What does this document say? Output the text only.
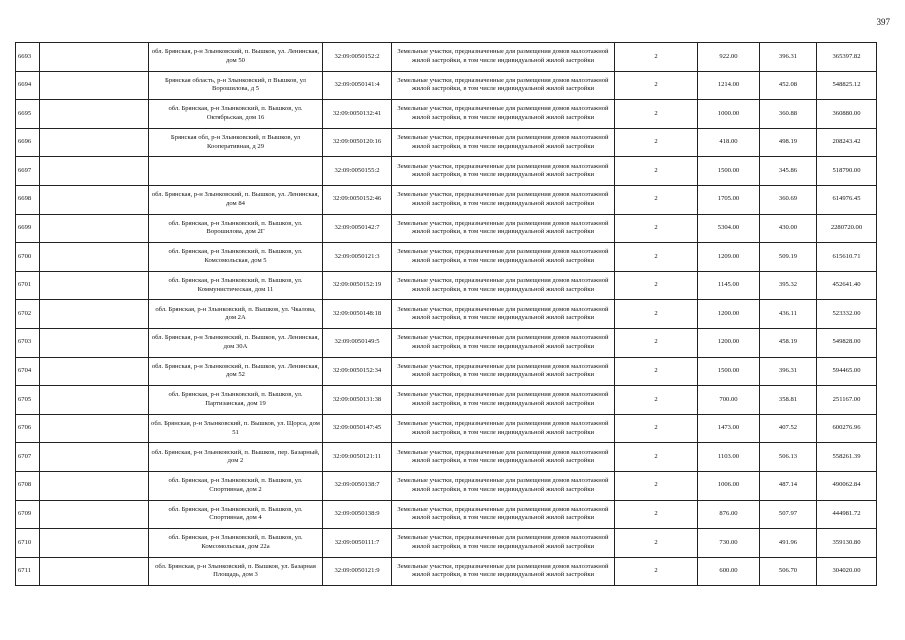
397
6693		обл. Брянская, р-н Злынковский, п. Вышков, ул. Ленинская, дом 50	32:09:0050152:2	Земельные участки, предназначенные для размещения домов малоэтажной жилой застройки, в том числе индивидуальной жилой застройки	2	922.00	396.31	365397.82
6694		Брянская область, р-н Злынковский, п Вышков, ул Ворошилова, д 5	32:09:0050141:4	Земельные участки, предназначенные для размещения домов малоэтажной жилой застройки, в том числе индивидуальной жилой застройки	2	1214.00	452.08	548825.12
6695		обл. Брянская, р-н Злынковский, п. Вышков, ул. Октябрьская, дом 16	32:09:0050132:41	Земельные участки, предназначенные для размещения домов малоэтажной жилой застройки, в том числе индивидуальной жилой застройки	2	1000.00	360.88	360880.00
6696		Брянская обл, р-н Злынковский, п Вышков, ул Кооперативная, д 29	32:09:0050120:16	Земельные участки, предназначенные для размещения домов малоэтажной жилой застройки, в том числе индивидуальной жилой застройки	2	418.00	498.19	208243.42
6697			32:09:0050155:2	Земельные участки, предназначенные для размещения домов малоэтажной жилой застройки, в том числе индивидуальной жилой застройки	2	1500.00	345.86	518790.00
6698		обл. Брянская, р-н Злынковский, п. Вышков, ул. Ленинская, дом 84	32:09:0050152:46	Земельные участки, предназначенные для размещения домов малоэтажной жилой застройки, в том числе индивидуальной жилой застройки	2	1705.00	360.69	614976.45
6699		обл. Брянская, р-н Злынковский, п. Вышков, ул. Ворошилова, дом 2Г	32:09:0050142:7	Земельные участки, предназначенные для размещения домов малоэтажной жилой застройки, в том числе индивидуальной жилой застройки	2	5304.00	430.00	2280720.00
6700		обл. Брянская, р-н Злынковский, п. Вышков, ул. Комсомольская, дом 5	32:09:0050121:3	Земельные участки, предназначенные для размещения домов малоэтажной жилой застройки, в том числе индивидуальной жилой застройки	2	1209.00	509.19	615610.71
6701		обл. Брянская, р-н Злынковский, п. Вышков, ул. Коммунистическая, дом 11	32:09:0050152:19	Земельные участки, предназначенные для размещения домов малоэтажной жилой застройки, в том числе индивидуальной жилой застройки	2	1145.00	395.32	452641.40
6702		обл. Брянская, р-н Злынковский, п. Вышков, ул. Чкалова, дом 2А	32:09:0050148:18	Земельные участки, предназначенные для размещения домов малоэтажной жилой застройки, в том числе индивидуальной жилой застройки	2	1200.00	436.11	523332.00
6703		обл. Брянская, р-н Злынковский, п. Вышков, ул. Ленинская, дом 30А	32:09:0050149:5	Земельные участки, предназначенные для размещения домов малоэтажной жилой застройки, в том числе индивидуальной жилой застройки	2	1200.00	458.19	549828.00
6704		обл. Брянская, р-н Злынковский, п. Вышков, ул. Ленинская, дом 52	32:09:0050152:34	Земельные участки, предназначенные для размещения домов малоэтажной жилой застройки, в том числе индивидуальной жилой застройки	2	1500.00	396.31	594465.00
6705		обл. Брянская, р-н Злынковский, п. Вышков, ул. Партизанская, дом 19	32:09:0050131:38	Земельные участки, предназначенные для размещения домов малоэтажной жилой застройки, в том числе индивидуальной жилой застройки	2	700.00	358.81	251167.00
6706		обл. Брянская, р-н Злынковский, п. Вышков, ул. Щорса, дом 51	32:09:0050147:45	Земельные участки, предназначенные для размещения домов малоэтажной жилой застройки, в том числе индивидуальной жилой застройки	2	1473.00	407.52	600276.96
6707		обл. Брянская, р-н Злынковский, п. Вышков, пер. Базарный, дом 2	32:09:0050121:11	Земельные участки, предназначенные для размещения домов малоэтажной жилой застройки, в том числе индивидуальной жилой застройки	2	1103.00	506.13	558261.39
6708		обл. Брянская, р-н Злынковский, п. Вышков, ул. Спортивная, дом 2	32:09:0050138:7	Земельные участки, предназначенные для размещения домов малоэтажной жилой застройки, в том числе индивидуальной жилой застройки	2	1006.00	487.14	490062.84
6709		обл. Брянская, р-н Злынковский, п. Вышков, ул. Спортивная, дом 4	32:09:0050138:9	Земельные участки, предназначенные для размещения домов малоэтажной жилой застройки, в том числе индивидуальной жилой застройки	2	876.00	507.97	444981.72
6710		обл. Брянская, р-н Злынковский, п. Вышков, ул. Комсомольская, дом 22а	32:09:0050111:7	Земельные участки, предназначенные для размещения домов малоэтажной жилой застройки, в том числе индивидуальной жилой застройки	2	730.00	491.96	359130.80
6711		обл. Брянская, р-н Злынковский, п. Вышков, ул. Базарная Площадь, дом 3	32:09:0050121:9	Земельные участки, предназначенные для размещения домов малоэтажной жилой застройки, в том числе индивидуальной жилой застройки	2	600.00	506.70	304020.00
